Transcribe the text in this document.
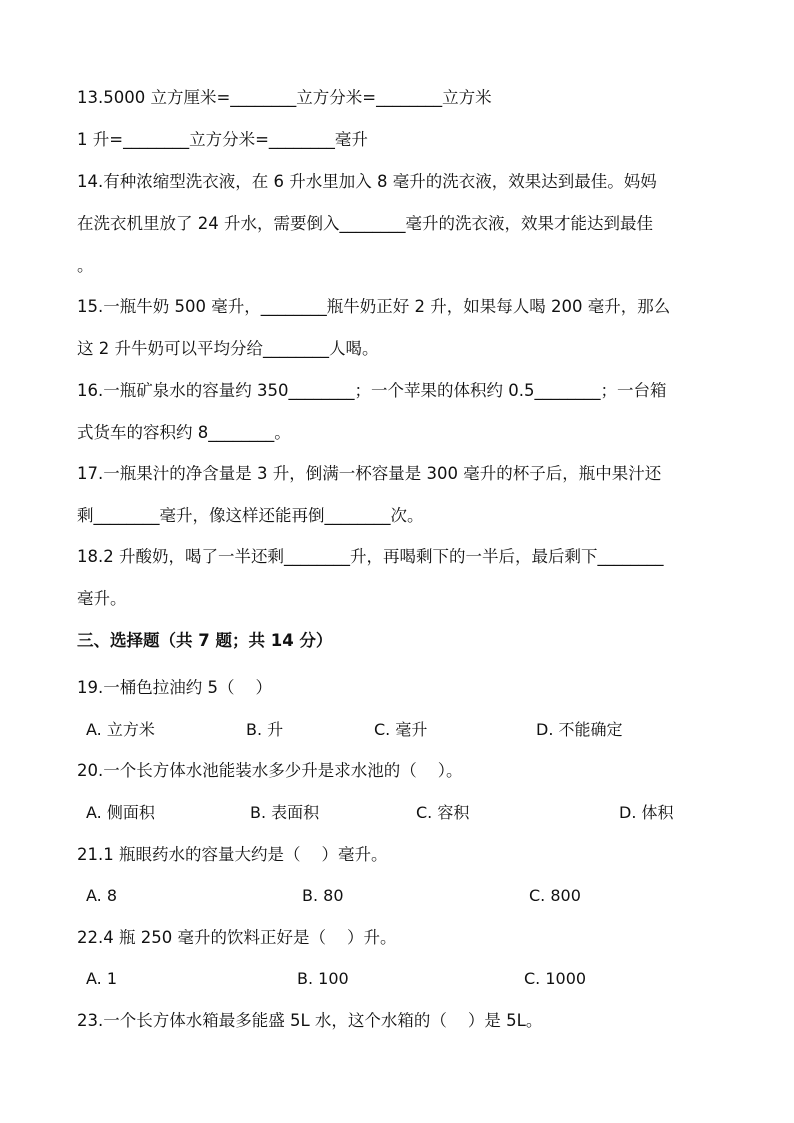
13.5000 立方厘米=________立方分米=________立方米
1 升=________立方分米=________毫升
14.有种浓缩型洗衣液，在 6 升水里加入 8 毫升的洗衣液，效果达到最佳。妈妈
在洗衣机里放了 24 升水，需要倒入________毫升的洗衣液，效果才能达到最佳
。
15.一瓶牛奶 500 毫升，________瓶牛奶正好 2 升，如果每人喝 200 毫升，那么
这 2 升牛奶可以平均分给________人喝。
16.一瓶矿泉水的容量约 350________；一个苹果的体积约 0.5________；一台箱
式货车的容积约 8________。
17.一瓶果汁的净含量是 3 升，倒满一杯容量是 300 毫升的杯子后，瓶中果汁还
剩________毫升，像这样还能再倒________次。
18.2 升酸奶，喝了一半还剩________升，再喝剩下的一半后，最后剩下________
毫升。
三、选择题（共 7 题；共 14 分）
19.一桶色拉油约 5（    ）
A. 立方米	B. 升	C. 毫升	D. 不能确定
20.一个长方体水池能装水多少升是求水池的（    ）。
A. 侧面积	B. 表面积	C. 容积	D. 体积
21.1 瓶眼药水的容量大约是（    ）毫升。
A. 8	B. 80	C. 800
22.4 瓶 250 毫升的饮料正好是（    ）升。
A. 1	B. 100	C. 1000
23.一个长方体水箱最多能盛 5L 水，这个水箱的（    ）是 5L。
